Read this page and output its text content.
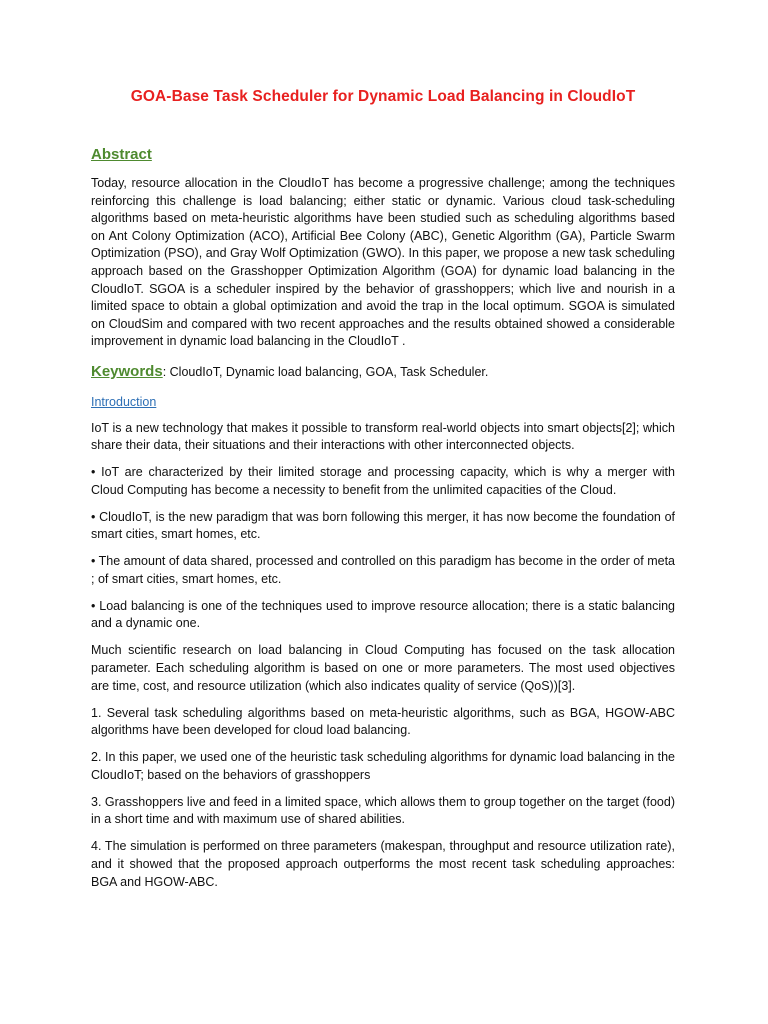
GOA-Base Task Scheduler for Dynamic Load Balancing in CloudIoT
Abstract

Today, resource allocation in the CloudIoT has become a progressive challenge; among the techniques reinforcing this challenge is load balancing; either static or dynamic. Various cloud task-scheduling algorithms based on meta-heuristic algorithms have been studied such as scheduling algorithms based on Ant Colony Optimization (ACO), Artificial Bee Colony (ABC), Genetic Algorithm (GA), Particle Swarm Optimization (PSO), and Gray Wolf Optimization (GWO). In this paper, we propose a new task scheduling approach based on the Grasshopper Optimization Algorithm (GOA) for dynamic load balancing in the CloudIoT. SGOA is a scheduler inspired by the behavior of grasshoppers; which live and nourish in a limited space to obtain a global optimization and avoid the trap in the local optimum. SGOA is simulated on CloudSim and compared with two recent approaches and the results obtained showed a considerable improvement in dynamic load balancing in the CloudIoT .

Keywords: CloudIoT, Dynamic load balancing, GOA, Task Scheduler.

Introduction

IoT is a new technology that makes it possible to transform real-world objects into smart objects[2]; which share their data, their situations and their interactions with other interconnected objects.

• IoT are characterized by their limited storage and processing capacity, which is why a merger with Cloud Computing has become a necessity to benefit from the unlimited capacities of the Cloud.

• CloudIoT, is the new paradigm that was born following this merger, it has now become the foundation of smart cities, smart homes, etc.

• The amount of data shared, processed and controlled on this paradigm has become in the order of meta ; of smart cities, smart homes, etc.

• Load balancing is one of the techniques used to improve resource allocation; there is a static balancing and a dynamic one.

Much scientific research on load balancing in Cloud Computing has focused on the task allocation parameter. Each scheduling algorithm is based on one or more parameters. The most used objectives are time, cost, and resource utilization (which also indicates quality of service (QoS))[3].

1. Several task scheduling algorithms based on meta-heuristic algorithms, such as BGA, HGOW-ABC algorithms have been developed for cloud load balancing.

2. In this paper, we used one of the heuristic task scheduling algorithms for dynamic load balancing in the CloudIoT; based on the behaviors of grasshoppers

3. Grasshoppers live and feed in a limited space, which allows them to group together on the target (food) in a short time and with maximum use of shared abilities.

4. The simulation is performed on three parameters (makespan, throughput and resource utilization rate), and it showed that the proposed approach outperforms the most recent task scheduling approaches: BGA and HGOW-ABC.
